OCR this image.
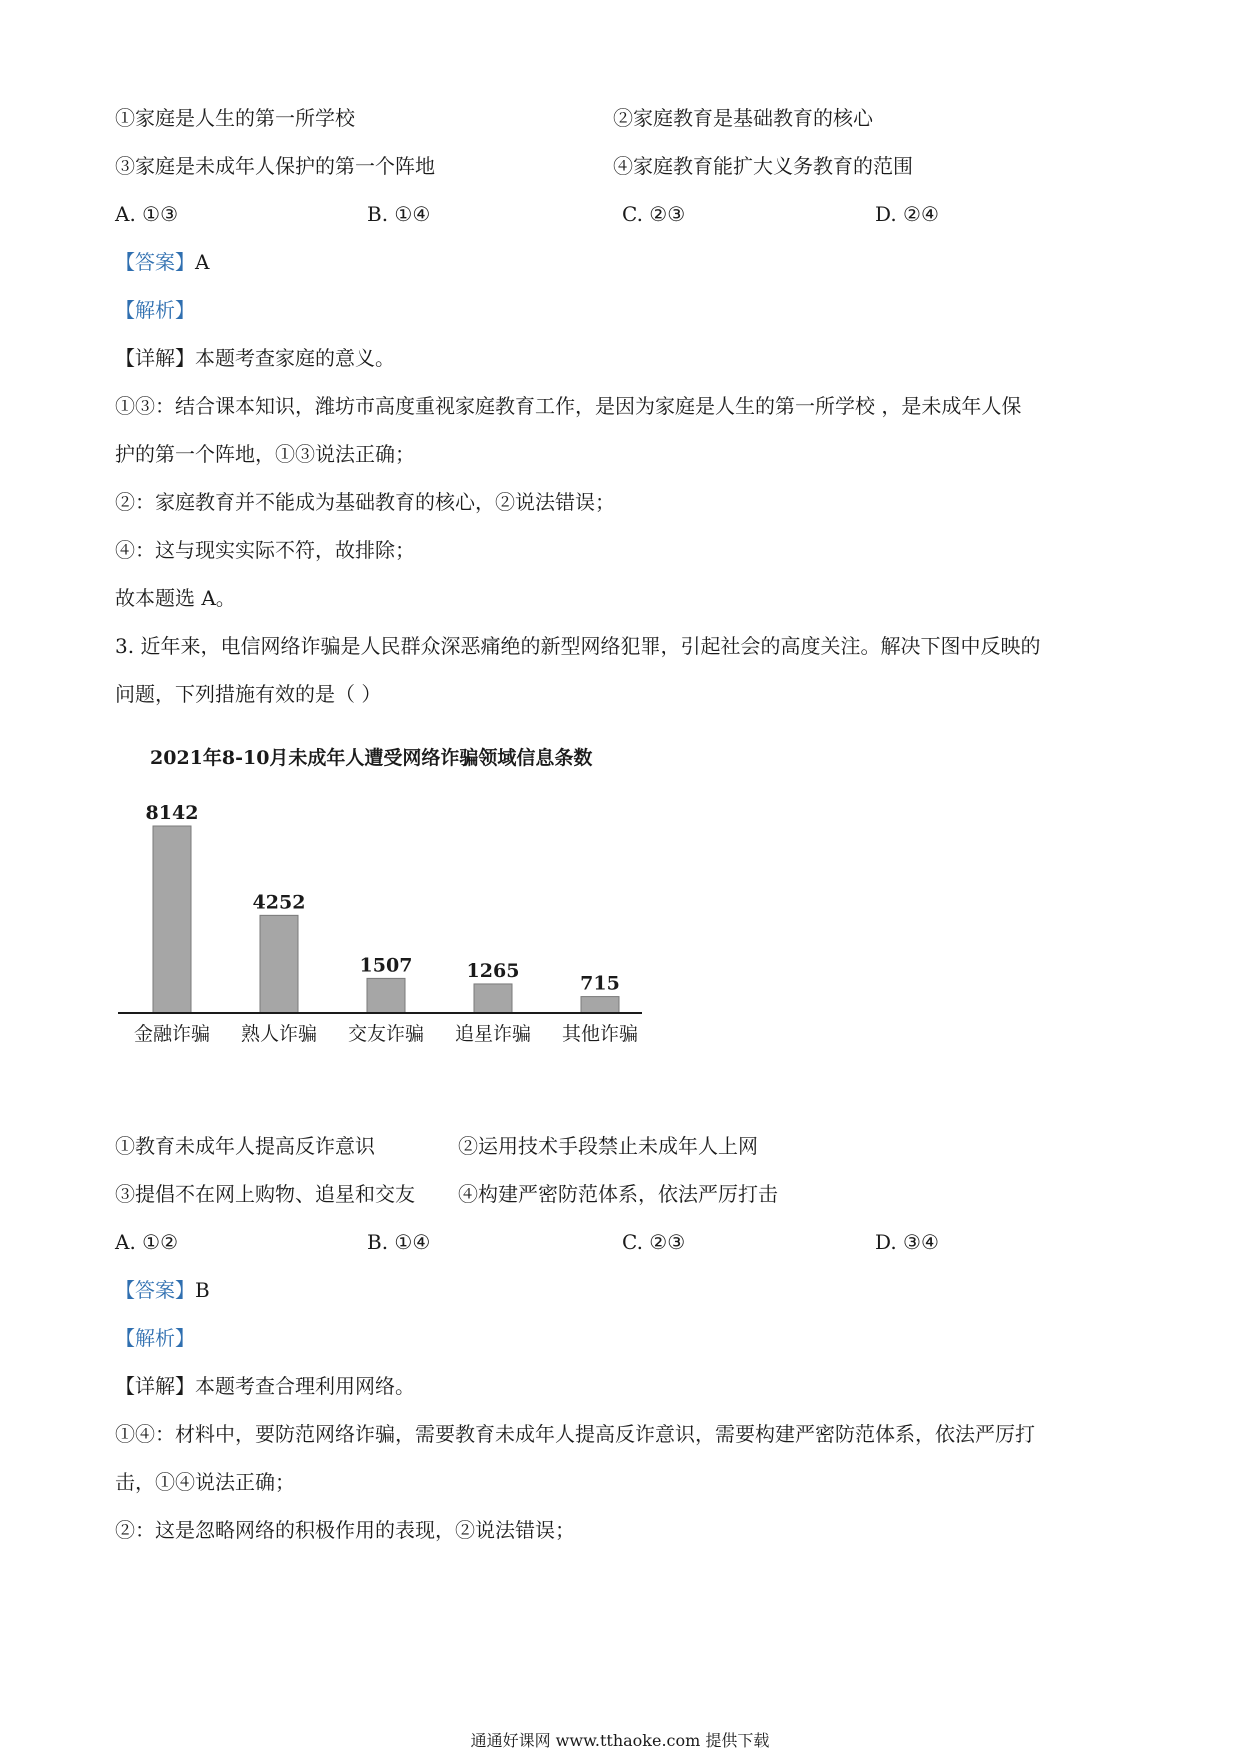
①家庭是人生的第一所学校	②家庭教育是基础教育的核心
③家庭是未成年人保护的第一个阵地	④家庭教育能扩大义务教育的范围
A. ①③	B. ①④	C. ②③	D. ②④
【答案】A
【解析】
【详解】本题考查家庭的意义。
①③：结合课本知识，潍坊市高度重视家庭教育工作，是因为家庭是人生的第一所学校 ，是未成年人保
护的第一个阵地，①③说法正确；
②：家庭教育并不能成为基础教育的核心，②说法错误；
④：这与现实实际不符，故排除；
故本题选 A。
3. 近年来，电信网络诈骗是人民群众深恶痛绝的新型网络犯罪，引起社会的高度关注。解决下图中反映的
问题，下列措施有效的是（ ）
2021年8-10月未成年人遭受网络诈骗领域信息条数
8142
金融诈骗
4252
熟人诈骗
1507
交友诈骗
1265
追星诈骗
715
其他诈骗
①教育未成年人提高反诈意识	②运用技术手段禁止未成年人上网
③提倡不在网上购物、追星和交友 ④构建严密防范体系，依法严厉打击
A. ①②	B. ①④	C. ②③	D. ③④
【答案】B
【解析】
【详解】本题考查合理利用网络。
①④：材料中，要防范网络诈骗，需要教育未成年人提高反诈意识，需要构建严密防范体系，依法严厉打
击，①④说法正确；
②：这是忽略网络的积极作用的表现，②说法错误；
通通好课网 www.tthaoke.com 提供下载
